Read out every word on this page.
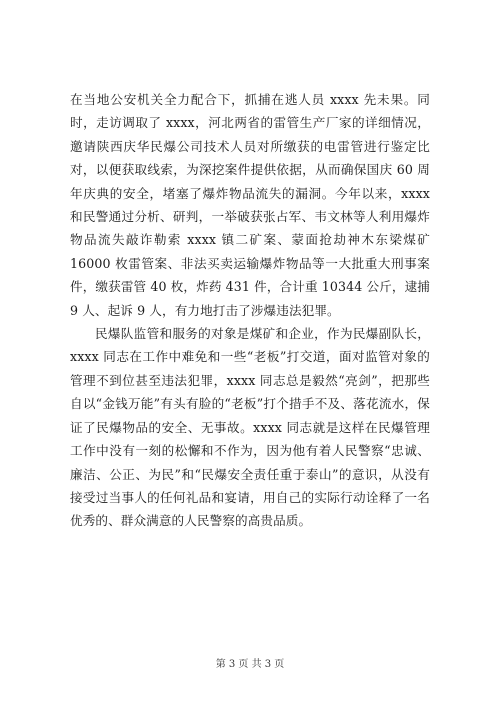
在当地公安机关全力配合下，抓捕在逃人员 xxxx 先未果。同时，走访调取了 xxxx，河北两省的雷管生产厂家的详细情况，邀请陕西庆华民爆公司技术人员对所缴获的电雷管进行鉴定比对，以便获取线索，为深挖案件提供依据，从而确保国庆 60 周年庆典的安全，堵塞了爆炸物品流失的漏洞。今年以来，xxxx 和民警通过分析、研判，一举破获张占军、韦文林等人利用爆炸物品流失敲诈勒索 xxxx 镇二矿案、蒙面抢劫神木东梁煤矿 16000 枚雷管案、非法买卖运输爆炸物品等一大批重大刑事案件，缴获雷管 40 枚，炸药 431 件，合计重 10344 公斤，逮捕 9 人、起诉 9 人，有力地打击了涉爆违法犯罪。

民爆队监管和服务的对象是煤矿和企业，作为民爆副队长，xxxx 同志在工作中难免和一些“老板”打交道，面对监管对象的管理不到位甚至违法犯罪，xxxx 同志总是毅然“亮剑”，把那些自以“金钱万能”有头有脸的“老板”打个措手不及、落花流水，保证了民爆物品的安全、无事故。xxxx 同志就是这样在民爆管理工作中没有一刻的松懈和不作为，因为他有着人民警察“忠诚、廉洁、公正、为民”和“民爆安全责任重于泰山”的意识，从没有接受过当事人的任何礼品和宴请，用自己的实际行动诠释了一名优秀的、群众满意的人民警察的高贵品质。

第 3 页 共 3 页
